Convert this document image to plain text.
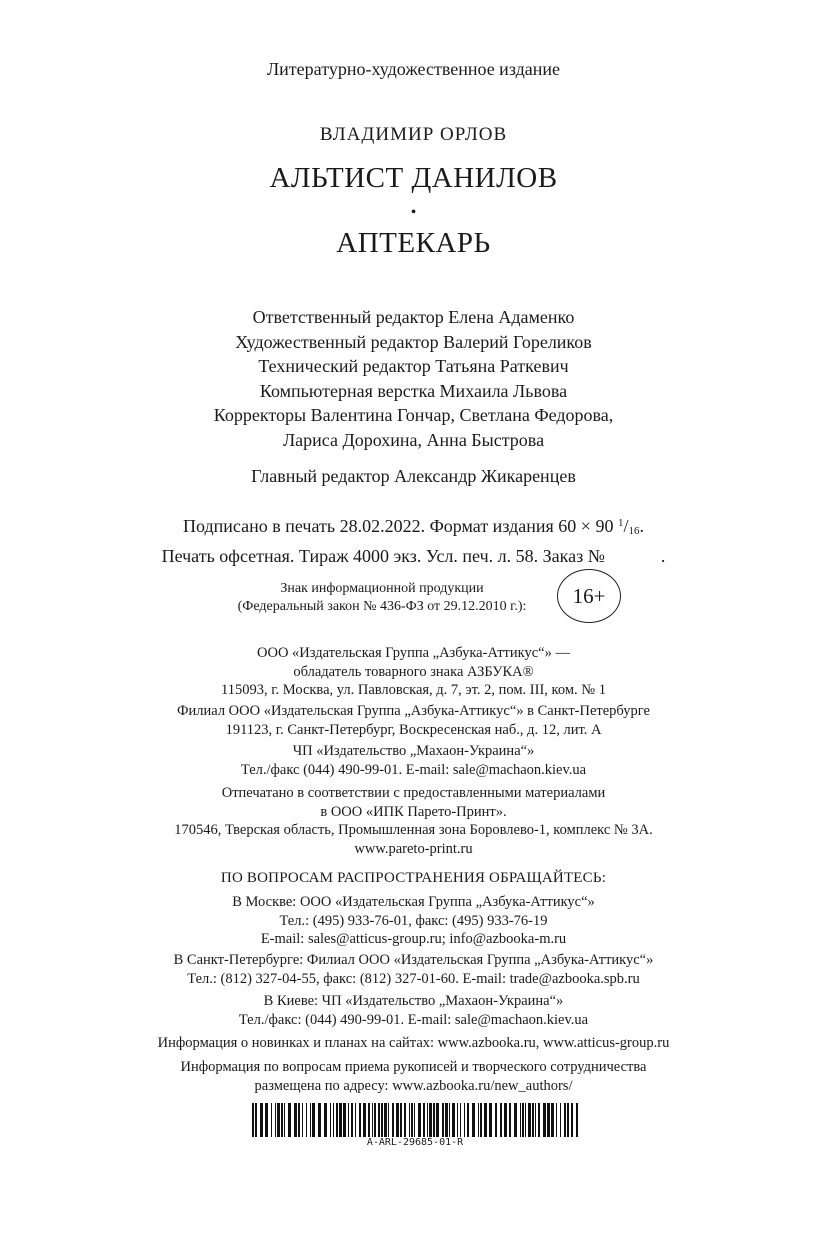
Литературно-художественное издание
ВЛАДИМИР ОРЛОВ
АЛЬТИСТ ДАНИЛОВ
•
АПТЕКАРЬ
Ответственный редактор Елена Адаменко
Художественный редактор Валерий Гореликов
Технический редактор Татьяна Раткевич
Компьютерная верстка Михаила Львова
Корректоры Валентина Гончар, Светлана Федорова,
Лариса Дорохина, Анна Быстрова
Главный редактор Александр Жикаренцев
Подписано в печать 28.02.2022. Формат издания 60 × 90 $^1/_{16}$.
Печать офсетная. Тираж 4000 экз. Усл. печ. л. 58. Заказ №	.
Знак информационной продукции
(Федеральный закон № 436-ФЗ от 29.12.2010 г.):	16+
ООО «Издательская Группа „Азбука-Аттикус“» —
обладатель товарного знака АЗБУКА®
115093, г. Москва, ул. Павловская, д. 7, эт. 2, пом. III, ком. № 1
Филиал ООО «Издательская Группа „Азбука-Аттикус“» в Санкт-Петербурге
191123, г. Санкт-Петербург, Воскресенская наб., д. 12, лит. А
ЧП «Издательство „Махаон-Украина“»
Тел./факс (044) 490-99-01. E-mail: sale@machaon.kiev.ua
Отпечатано в соответствии с предоставленными материалами
в ООО «ИПК Парето-Принт».
170546, Тверская область, Промышленная зона Боровлево-1, комплекс № 3А.
www.pareto-print.ru
ПО ВОПРОСАМ РАСПРОСТРАНЕНИЯ ОБРАЩАЙТЕСЬ:
В Москве: ООО «Издательская Группа „Азбука-Аттикус“»
Тел.: (495) 933-76-01, факс: (495) 933-76-19
E-mail: sales@atticus-group.ru; info@azbooka-m.ru
В Санкт-Петербурге: Филиал ООО «Издательская Группа „Азбука-Аттикус“»
Тел.: (812) 327-04-55, факс: (812) 327-01-60. E-mail: trade@azbooka.spb.ru
В Киеве: ЧП «Издательство „Махаон-Украина“»
Тел./факс: (044) 490-99-01. E-mail: sale@machaon.kiev.ua
Информация о новинках и планах на сайтах: www.azbooka.ru, www.atticus-group.ru
Информация по вопросам приема рукописей и творческого сотрудничества
размещена по адресу: www.azbooka.ru/new_authors/
A-ARL-29685-01-R
